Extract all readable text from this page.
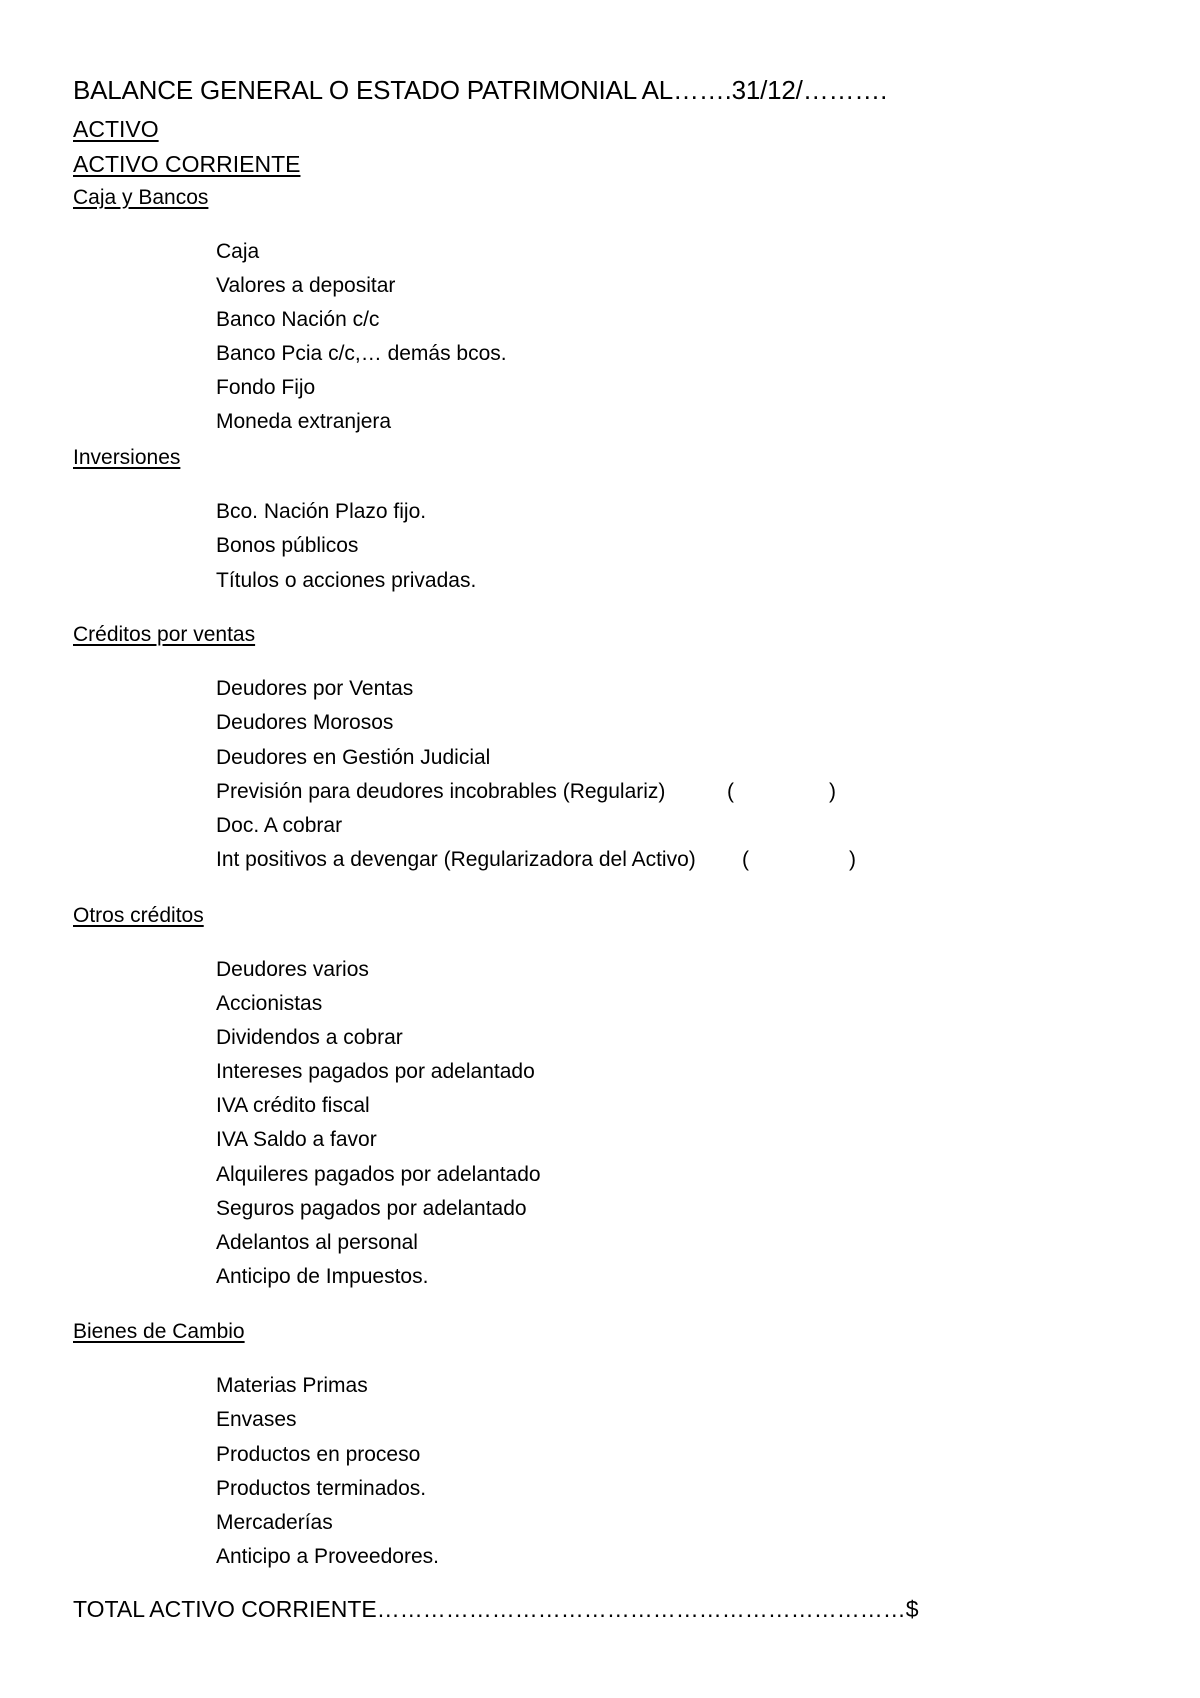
BALANCE GENERAL O ESTADO PATRIMONIAL AL…….31/12/……….
ACTIVO
ACTIVO CORRIENTE
Caja y Bancos
Caja
Valores a depositar
Banco Nación c/c
Banco Pcia c/c,… demás bcos.
Fondo Fijo
Moneda extranjera
Inversiones
Bco. Nación Plazo fijo.
Bonos públicos
Títulos o acciones privadas.
Créditos por ventas
Deudores por Ventas
Deudores Morosos
Deudores en Gestión Judicial
Previsión para deudores incobrables (Regulariz)	(	)
Doc. A cobrar
Int positivos a devengar (Regularizadora del Activo) (	)
Otros créditos
Deudores varios
Accionistas
Dividendos a cobrar
Intereses pagados por adelantado
IVA crédito fiscal
IVA Saldo a favor
Alquileres pagados por adelantado
Seguros pagados por adelantado
Adelantos al personal
Anticipo de Impuestos.
Bienes de Cambio
Materias Primas
Envases
Productos en proceso
Productos terminados.
Mercaderías
Anticipo a Proveedores.
TOTAL ACTIVO CORRIENTE……………………………………………………………$
